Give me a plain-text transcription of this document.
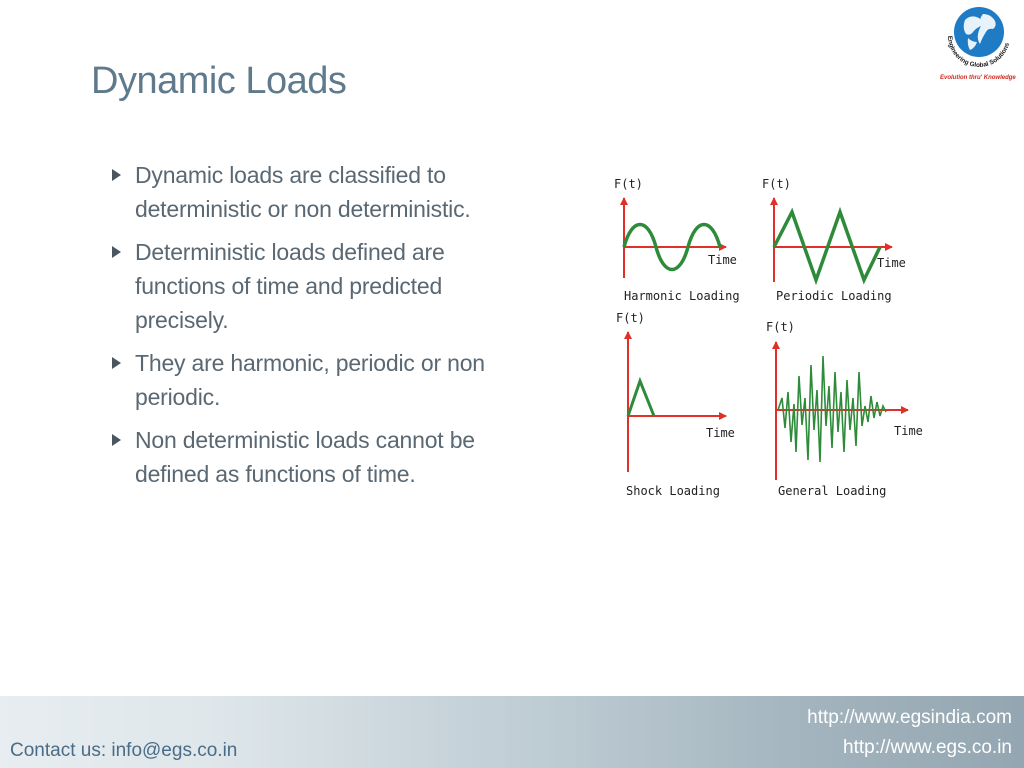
Engineering Global Solutions
Evolution thru' Knowledge
Dynamic Loads
Dynamic loads are classified to deterministic or non deterministic.
Deterministic loads defined are functions of time and predicted precisely.
They are harmonic, periodic or non periodic.
Non deterministic loads cannot be defined as functions of time.
F(t)
Time
Harmonic Loading
F(t)
Time
Periodic Loading
F(t)
Time
Shock Loading
F(t)
Time
General Loading
Contact us: info@egs.co.in
http://www.egsindia.com
http://www.egs.co.in
